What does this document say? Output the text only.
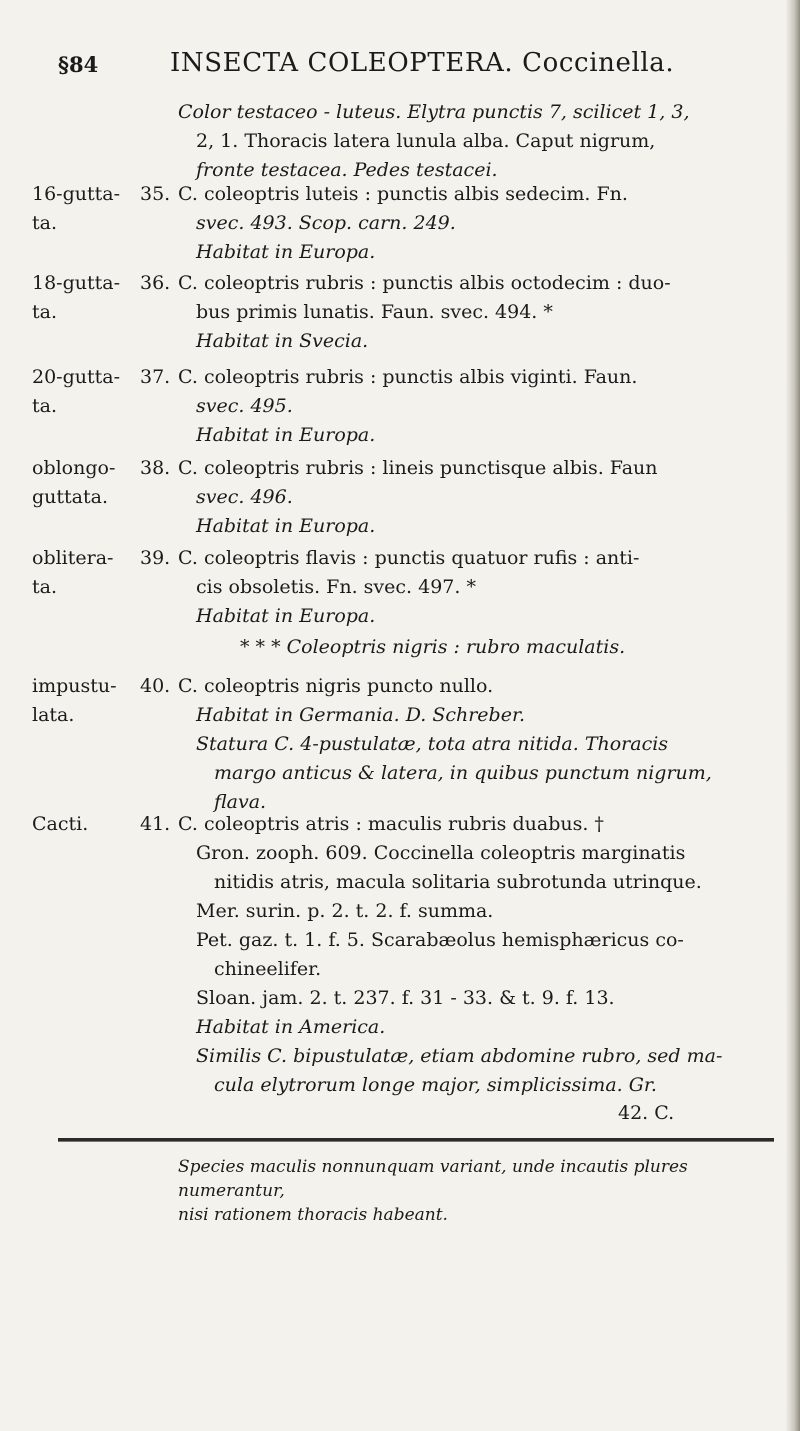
§84	INSECTA COLEOPTERA. Coccinella.
Color testaceo - luteus. Elytra punctis 7, scilicet 1, 3,
2, 1. Thoracis latera lunula alba. Caput nigrum,
fronte testacea. Pedes testacei.
16-gutta-
ta.
35. C. coleoptris luteis : punctis albis sedecim. Fn.

svec. 493. Scop. carn. 249.

Habitat in Europa.

18-gutta-
ta.
36. C. coleoptris rubris : punctis albis octodecim : duo-

bus primis lunatis. Faun. svec. 494. *

Habitat in Svecia.

20-gutta-
ta.
37. C. coleoptris rubris : punctis albis viginti. Faun.

svec. 495.

Habitat in Europa.

oblongo-
guttata.
38. C. coleoptris rubris : lineis punctisque albis. Faun

svec. 496.

Habitat in Europa.

oblitera-
ta.
39. C. coleoptris flavis : punctis quatuor rufis : anti-

cis obsoletis. Fn. svec. 497. *

Habitat in Europa.

* * * Coleoptris nigris : rubro maculatis.
impustu-
lata.
40. C. coleoptris nigris puncto nullo.

Habitat in Germania. D. Schreber.

Statura C. 4-pustulatæ, tota atra nitida. Thoracis

margo anticus & latera, in quibus punctum nigrum,

flava.

Cacti.	41. C. coleoptris atris : maculis rubris duabus. †

Gron. zooph. 609. Coccinella coleoptris marginatis

nitidis atris, macula solitaria subrotunda utrinque.

Mer. surin. p. 2. t. 2. f. summa.

Pet. gaz. t. 1. f. 5. Scarabæolus hemisphæricus co-

chineelifer.

Sloan. jam. 2. t. 237. f. 31 - 33. & t. 9. f. 13.

Habitat in America.

Similis C. bipustulatæ, etiam abdomine rubro, sed ma-

cula elytrorum longe major, simplicissima. Gr.

42. C.
Species maculis nonnunquam variant, unde incautis plures numerantur,
nisi rationem thoracis habeant.
